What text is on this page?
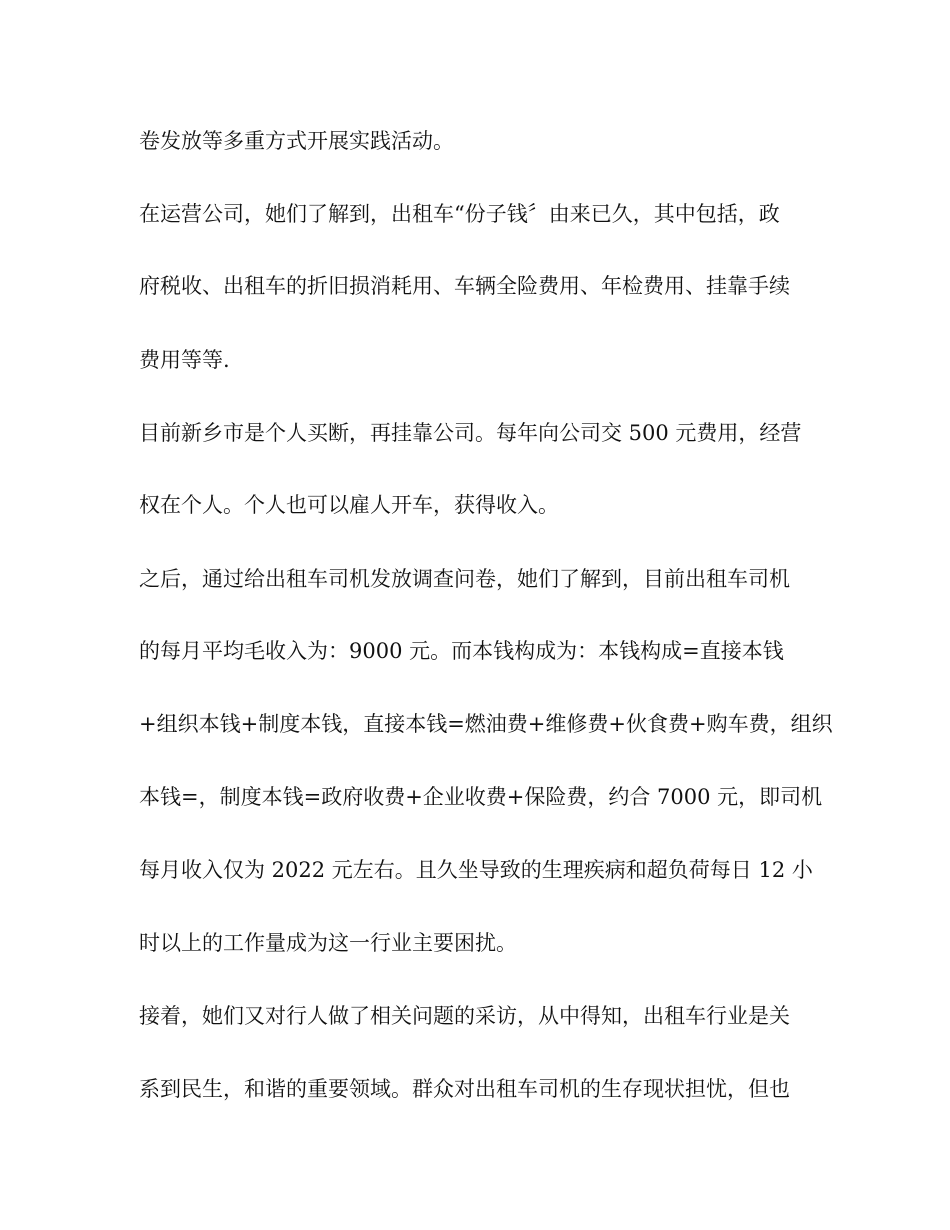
卷发放等多重方式开展实践活动。
在运营公司，她们了解到，出租车“份子钱〞由来已久，其中包括，政
府税收、出租车的折旧损消耗用、车辆全险费用、年检费用、挂靠手续
费用等等.
目前新乡市是个人买断，再挂靠公司。每年向公司交 500 元费用，经营
权在个人。个人也可以雇人开车，获得收入。
之后，通过给出租车司机发放调查问卷，她们了解到，目前出租车司机
的每月平均毛收入为：9000 元。而本钱构成为：本钱构成=直接本钱
+组织本钱+制度本钱，直接本钱=燃油费+维修费+伙食费+购车费，组织
本钱=，制度本钱=政府收费+企业收费+保险费，约合 7000 元，即司机
每月收入仅为 2022 元左右。且久坐导致的生理疾病和超负荷每日 12 小
时以上的工作量成为这一行业主要困扰。
接着，她们又对行人做了相关问题的采访，从中得知，出租车行业是关
系到民生，和谐的重要领域。群众对出租车司机的生存现状担忧，但也
